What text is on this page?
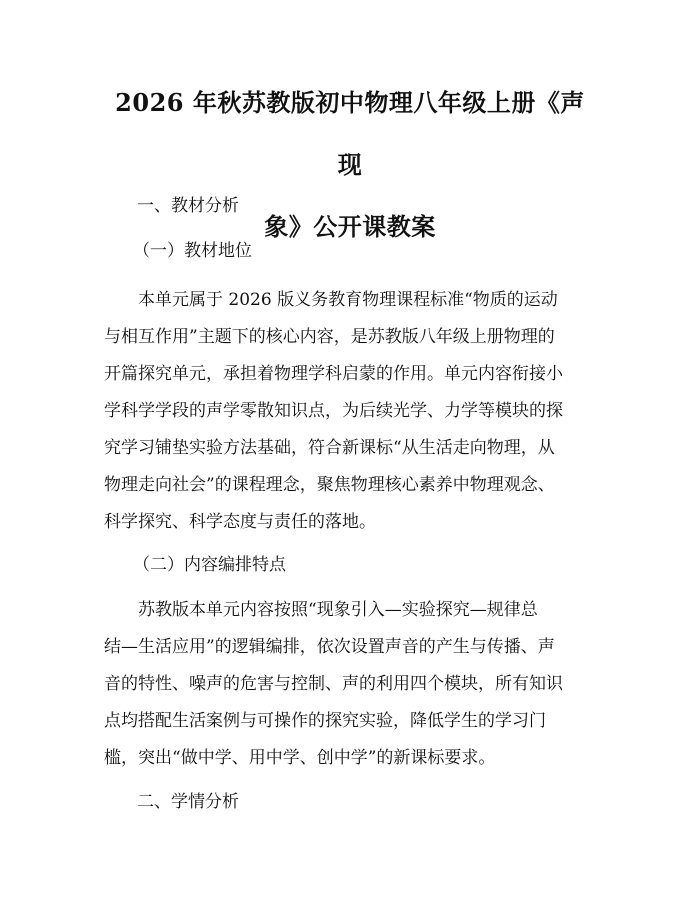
2026 年秋苏教版初中物理八年级上册《声现
象》公开课教案
一、教材分析
（一）教材地位
　　本单元属于 2026 版义务教育物理课程标准“物质的运动
与相互作用”主题下的核心内容，是苏教版八年级上册物理的
开篇探究单元，承担着物理学科启蒙的作用。单元内容衔接小
学科学学段的声学零散知识点，为后续光学、力学等模块的探
究学习铺垫实验方法基础，符合新课标“从生活走向物理，从
物理走向社会”的课程理念，聚焦物理核心素养中物理观念、
科学探究、科学态度与责任的落地。
（二）内容编排特点
　　苏教版本单元内容按照“现象引入—实验探究—规律总
结—生活应用”的逻辑编排，依次设置声音的产生与传播、声
音的特性、噪声的危害与控制、声的利用四个模块，所有知识
点均搭配生活案例与可操作的探究实验，降低学生的学习门
槛，突出“做中学、用中学、创中学”的新课标要求。
二、学情分析
